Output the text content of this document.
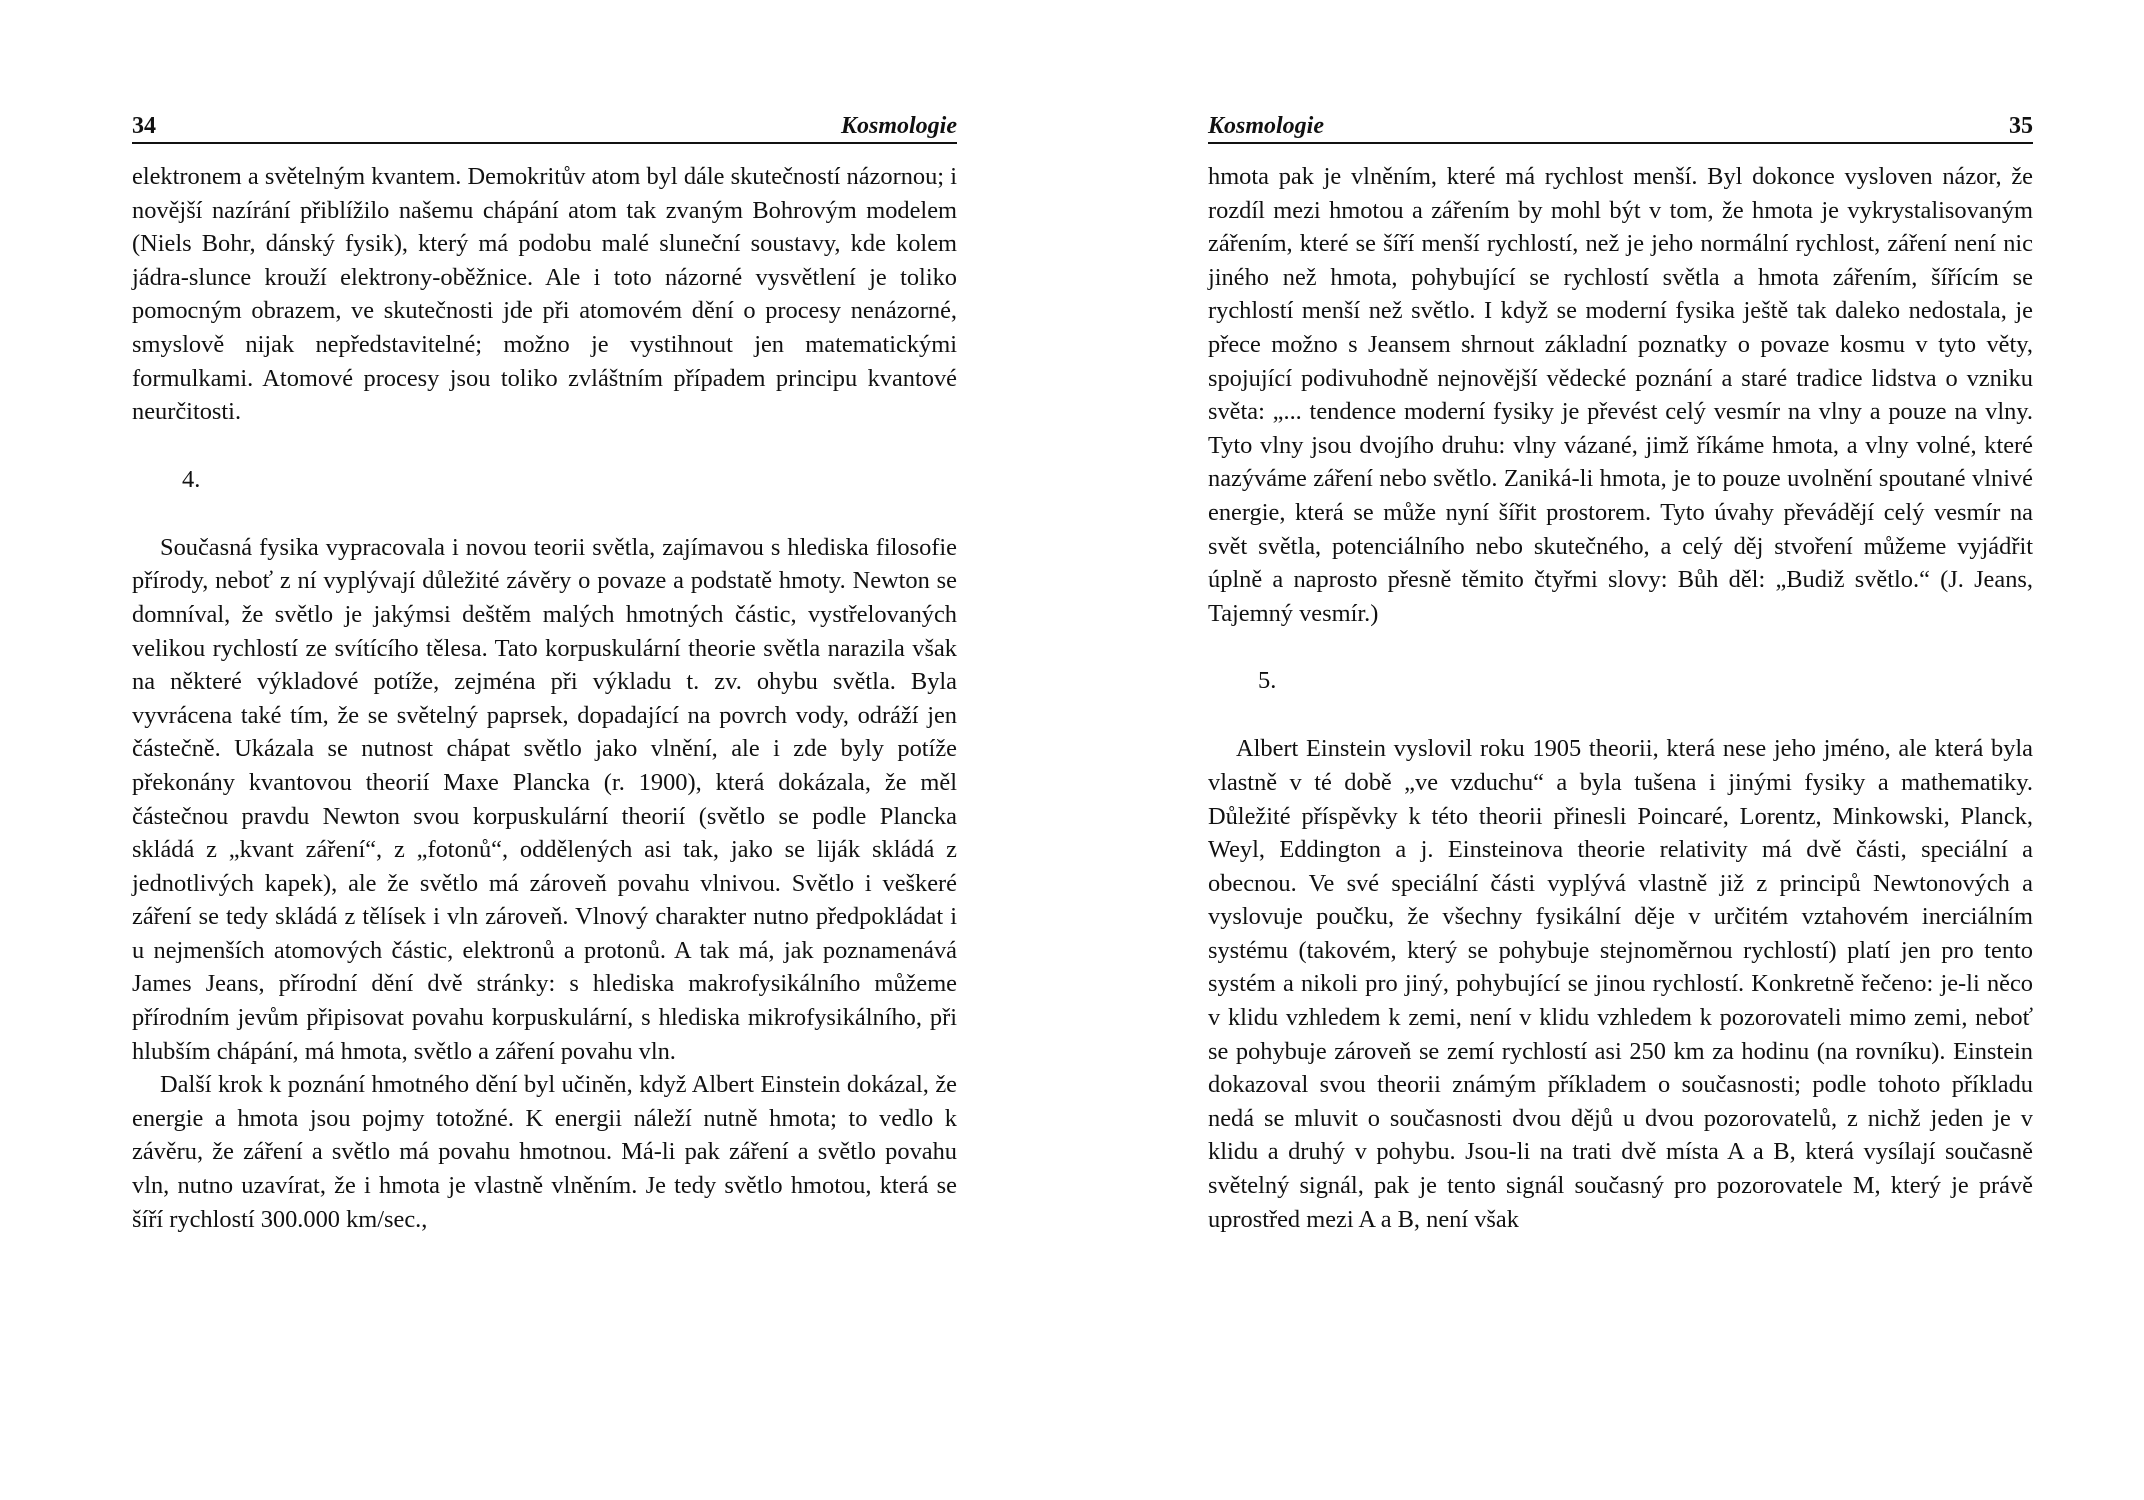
34	Kosmologie

elektronem a světelným kvantem. Demokritův atom byl dále skutečností názornou; i novější nazírání přiblížilo našemu chápání atom tak zvaným Bohrovým modelem (Niels Bohr, dánský fysik), který má podobu malé sluneční soustavy, kde kolem jádra-slunce krouží elektrony-oběžnice. Ale i toto názorné vysvětlení je toliko pomocným obrazem, ve skutečnosti jde při atomovém dění o procesy nenázorné, smyslově nijak nepředstavitelné; možno je vystihnout jen matematickými formulkami. Atomové procesy jsou toliko zvláštním případem principu kvantové neurčitosti.

4.

Současná fysika vypracovala i novou teorii světla, zajímavou s hlediska filosofie přírody, neboť z ní vyplývají důležité závěry o povaze a podstatě hmoty. Newton se domníval, že světlo je jakýmsi deštěm malých hmotných částic, vystřelovaných velikou rychlostí ze svítícího tělesa. Tato korpuskulární theorie světla narazila však na některé výkladové potíže, zejména při výkladu t. zv. ohybu světla. Byla vyvrácena také tím, že se světelný paprsek, dopadající na povrch vody, odráží jen částečně. Ukázala se nutnost chápat světlo jako vlnění, ale i zde byly potíže překonány kvantovou theorií Maxe Plancka (r. 1900), která dokázala, že měl částečnou pravdu Newton svou korpuskulární theorií (světlo se podle Plancka skládá z „kvant záření“, z „fotonů“, oddělených asi tak, jako se liják skládá z jednotlivých kapek), ale že světlo má zároveň povahu vlnivou. Světlo i veškeré záření se tedy skládá z tělísek i vln zároveň. Vlnový charakter nutno předpokládat i u nejmenších atomových částic, elektronů a protonů. A tak má, jak poznamenává James Jeans, přírodní dění dvě stránky: s hlediska makrofysikálního můžeme přírodním jevům připisovat povahu korpuskulární, s hlediska mikrofysikálního, při hlubším chápání, má hmota, světlo a záření povahu vln.

Další krok k poznání hmotného dění byl učiněn, když Albert Einstein dokázal, že energie a hmota jsou pojmy totožné. K energii náleží nutně hmota; to vedlo k závěru, že záření a světlo má povahu hmotnou. Má-li pak záření a světlo povahu vln, nutno uzavírat, že i hmota je vlastně vlněním. Je tedy světlo hmotou, která se šíří rychlostí 300.000 km/sec.,

Kosmologie	35

hmota pak je vlněním, které má rychlost menší. Byl dokonce vysloven názor, že rozdíl mezi hmotou a zářením by mohl být v tom, že hmota je vykrystalisovaným zářením, které se šíří menší rychlostí, než je jeho normální rychlost, záření není nic jiného než hmota, pohybující se rychlostí světla a hmota zářením, šířícím se rychlostí menší než světlo. I když se moderní fysika ještě tak daleko nedostala, je přece možno s Jeansem shrnout základní poznatky o povaze kosmu v tyto věty, spojující podivuhodně nejnovější vědecké poznání a staré tradice lidstva o vzniku světa: „... tendence moderní fysiky je převést celý vesmír na vlny a pouze na vlny. Tyto vlny jsou dvojího druhu: vlny vázané, jimž říkáme hmota, a vlny volné, které nazýváme záření nebo světlo. Zaniká-li hmota, je to pouze uvolnění spoutané vlnivé energie, která se může nyní šířit prostorem. Tyto úvahy převádějí celý vesmír na svět světla, potenciálního nebo skutečného, a celý děj stvoření můžeme vyjádřit úplně a naprosto přesně těmito čtyřmi slovy: Bůh děl: „Budiž světlo.“ (J. Jeans, Tajemný vesmír.)

5.

Albert Einstein vyslovil roku 1905 theorii, která nese jeho jméno, ale která byla vlastně v té době „ve vzduchu“ a byla tušena i jinými fysiky a mathematiky. Důležité příspěvky k této theorii přinesli Poincaré, Lorentz, Minkowski, Planck, Weyl, Eddington a j. Einsteinova theorie relativity má dvě části, speciální a obecnou. Ve své speciální části vyplývá vlastně již z principů Newtonových a vyslovuje poučku, že všechny fysikální děje v určitém vztahovém inerciálním systému (takovém, který se pohybuje stejnoměrnou rychlostí) platí jen pro tento systém a nikoli pro jiný, pohybující se jinou rychlostí. Konkretně řečeno: je-li něco v klidu vzhledem k zemi, není v klidu vzhledem k pozorovateli mimo zemi, neboť se pohybuje zároveň se zemí rychlostí asi 250 km za hodinu (na rovníku). Einstein dokazoval svou theorii známým příkladem o současnosti; podle tohoto příkladu nedá se mluvit o současnosti dvou dějů u dvou pozorovatelů, z nichž jeden je v klidu a druhý v pohybu. Jsou-li na trati dvě místa A a B, která vysílají současně světelný signál, pak je tento signál současný pro pozorovatele M, který je právě uprostřed mezi A a B, není však
